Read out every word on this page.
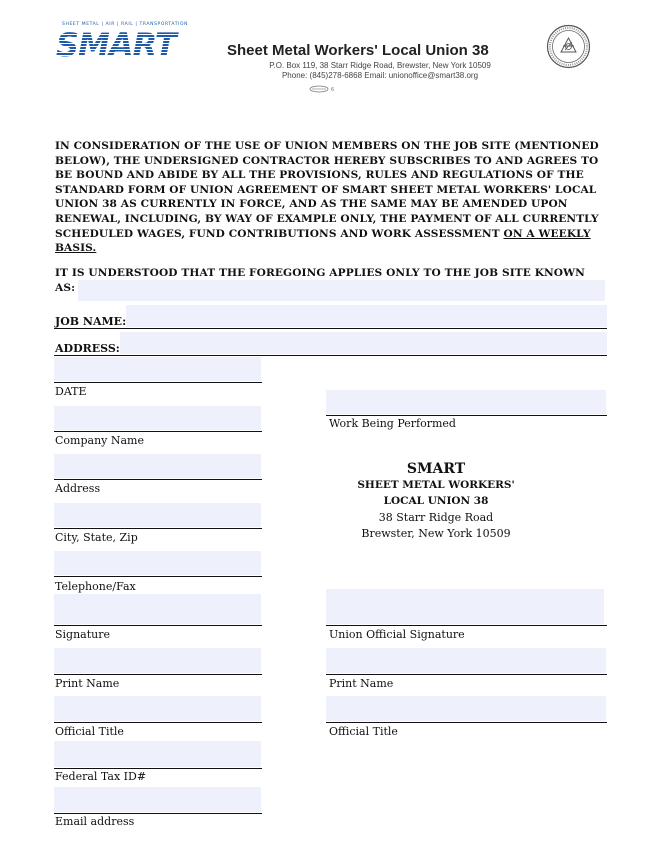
SHEET METAL | AIR | RAIL | TRANSPORTATION
SMART	Sheet Metal Workers' Local Union 38
P.O. Box 119, 38 Starr Ridge Road, Brewster, New York 10509
Phone: (845)278-6868 Email: unionoffice@smart38.org
6
IN CONSIDERATION OF THE USE OF UNION MEMBERS ON THE JOB SITE (MENTIONED BELOW), THE UNDERSIGNED CONTRACTOR HEREBY SUBSCRIBES TO AND AGREES TO BE BOUND AND ABIDE BY ALL THE PROVISIONS, RULES AND REGULATIONS OF THE STANDARD FORM OF UNION AGREEMENT OF SMART SHEET METAL WORKERS' LOCAL UNION 38 AS CURRENTLY IN FORCE, AND AS THE SAME MAY BE AMENDED UPON RENEWAL, INCLUDING, BY WAY OF EXAMPLE ONLY, THE PAYMENT OF ALL CURRENTLY SCHEDULED WAGES, FUND CONTRIBUTIONS AND WORK ASSESSMENT ON A WEEKLY BASIS.
IT IS UNDERSTOOD THAT THE FOREGOING APPLIES ONLY TO THE JOB SITE KNOWN AS:
JOB NAME:
ADDRESS:
DATE
Company Name
Address
City, State, Zip
Telephone/Fax
Signature
Print Name
Official Title
Federal Tax ID#
Email address
Work Being Performed
SMART
SHEET METAL WORKERS'
LOCAL UNION 38
38 Starr Ridge Road
Brewster, New York 10509
Union Official Signature
Print Name
Official Title
